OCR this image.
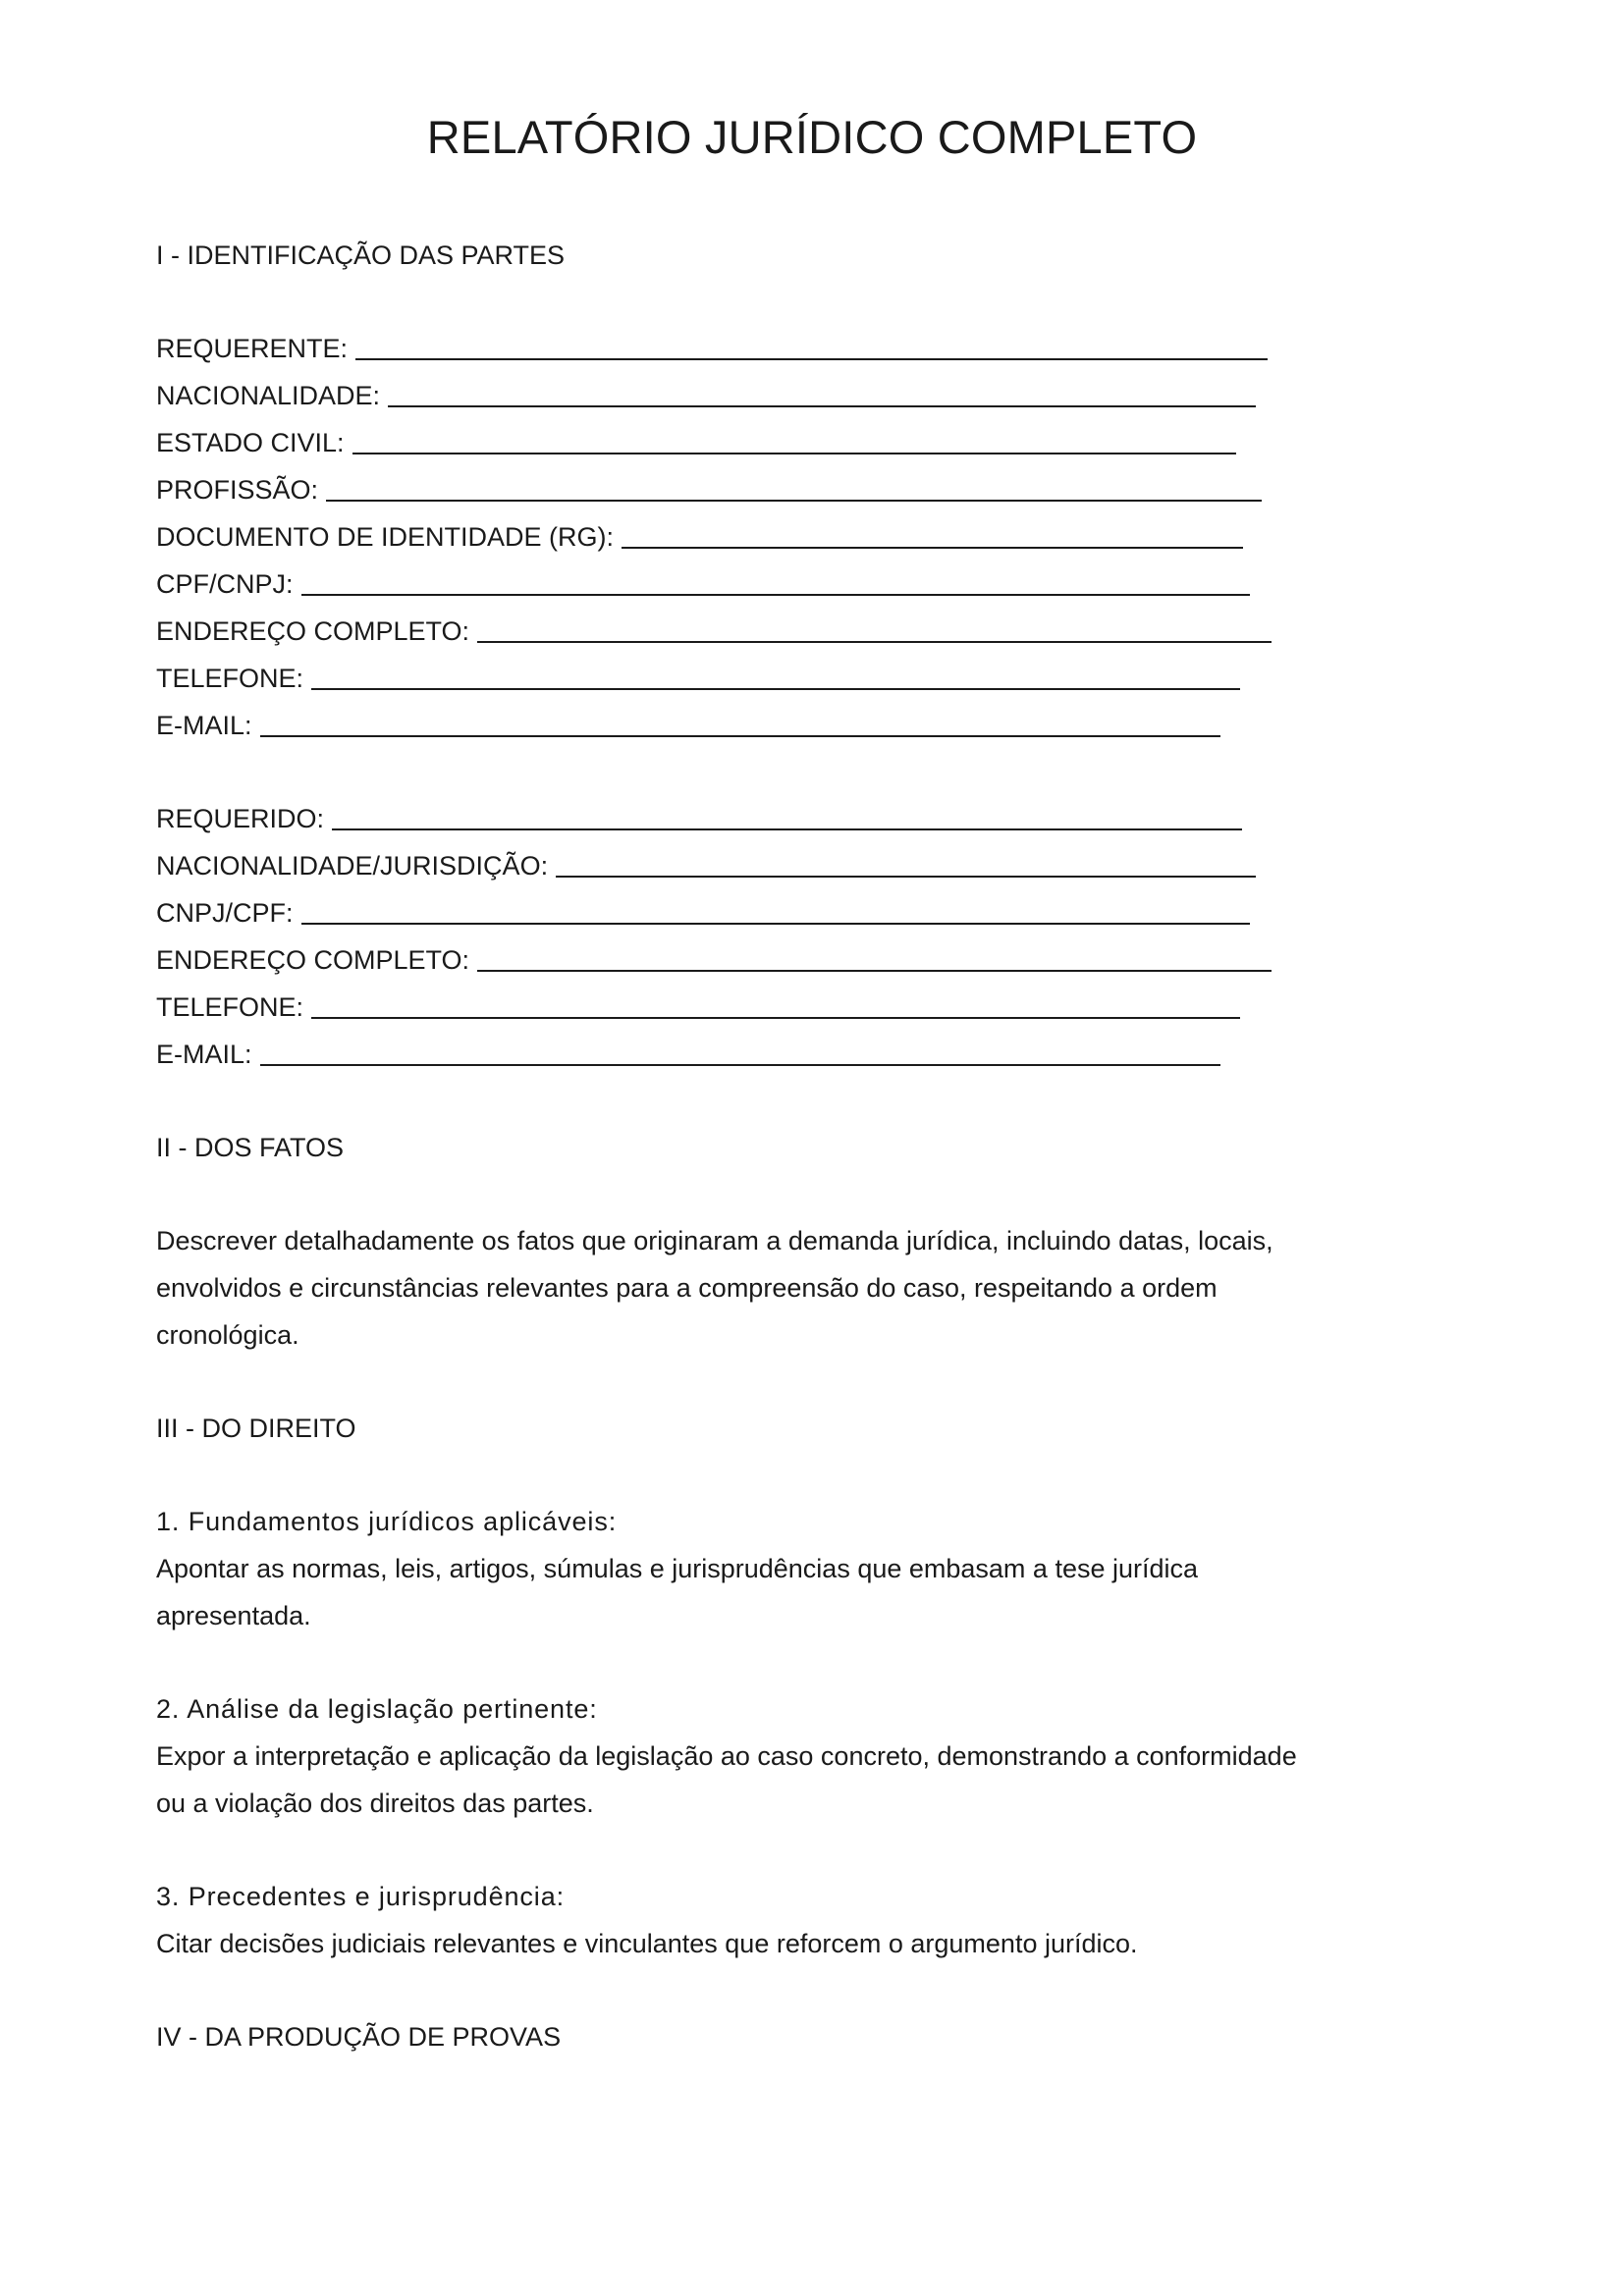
RELATÓRIO JURÍDICO COMPLETO
I - IDENTIFICAÇÃO DAS PARTES
REQUERENTE:
NACIONALIDADE:
ESTADO CIVIL:
PROFISSÃO:
DOCUMENTO DE IDENTIDADE (RG):
CPF/CNPJ:
ENDEREÇO COMPLETO:
TELEFONE:
E-MAIL:
REQUERIDO:
NACIONALIDADE/JURISDIÇÃO:
CNPJ/CPF:
ENDEREÇO COMPLETO:
TELEFONE:
E-MAIL:
II - DOS FATOS
Descrever detalhadamente os fatos que originaram a demanda jurídica, incluindo datas, locais,
envolvidos e circunstâncias relevantes para a compreensão do caso, respeitando a ordem
cronológica.
III - DO DIREITO
1. Fundamentos jurídicos aplicáveis:
Apontar as normas, leis, artigos, súmulas e jurisprudências que embasam a tese jurídica
apresentada.
2. Análise da legislação pertinente:
Expor a interpretação e aplicação da legislação ao caso concreto, demonstrando a conformidade
ou a violação dos direitos das partes.
3. Precedentes e jurisprudência:
Citar decisões judiciais relevantes e vinculantes que reforcem o argumento jurídico.
IV - DA PRODUÇÃO DE PROVAS
